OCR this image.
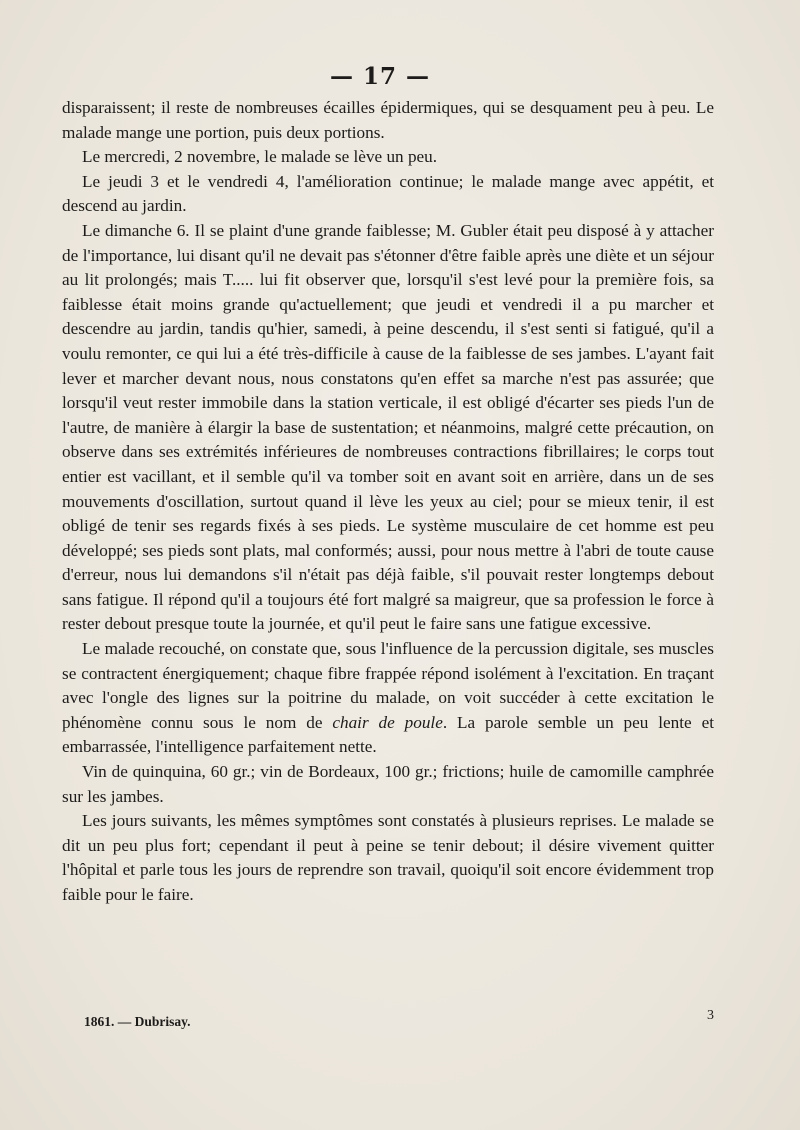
— 17 —

disparaissent; il reste de nombreuses écailles épidermiques, qui se desquament peu à peu. Le malade mange une portion, puis deux portions.

Le mercredi, 2 novembre, le malade se lève un peu.

Le jeudi 3 et le vendredi 4, l'amélioration continue; le malade mange avec appétit, et descend au jardin.

Le dimanche 6. Il se plaint d'une grande faiblesse; M. Gubler était peu disposé à y attacher de l'importance, lui disant qu'il ne devait pas s'étonner d'être faible après une diète et un séjour au lit prolongés; mais T..... lui fit observer que, lorsqu'il s'est levé pour la première fois, sa faiblesse était moins grande qu'actuellement; que jeudi et vendredi il a pu marcher et descendre au jardin, tandis qu'hier, samedi, à peine descendu, il s'est senti si fatigué, qu'il a voulu remonter, ce qui lui a été très-difficile à cause de la faiblesse de ses jambes. L'ayant fait lever et marcher devant nous, nous constatons qu'en effet sa marche n'est pas assurée; que lorsqu'il veut rester immobile dans la station verticale, il est obligé d'écarter ses pieds l'un de l'autre, de manière à élargir la base de sustentation; et néanmoins, malgré cette précaution, on observe dans ses extrémités inférieures de nombreuses contractions fibrillaires; le corps tout entier est vacillant, et il semble qu'il va tomber soit en avant soit en arrière, dans un de ses mouvements d'oscillation, surtout quand il lève les yeux au ciel; pour se mieux tenir, il est obligé de tenir ses regards fixés à ses pieds. Le système musculaire de cet homme est peu développé; ses pieds sont plats, mal conformés; aussi, pour nous mettre à l'abri de toute cause d'erreur, nous lui demandons s'il n'était pas déjà faible, s'il pouvait rester longtemps debout sans fatigue. Il répond qu'il a toujours été fort malgré sa maigreur, que sa profession le force à rester debout presque toute la journée, et qu'il peut le faire sans une fatigue excessive.

Le malade recouché, on constate que, sous l'influence de la percussion digitale, ses muscles se contractent énergiquement; chaque fibre frappée répond isolément à l'excitation. En traçant avec l'ongle des lignes sur la poitrine du malade, on voit succéder à cette excitation le phénomène connu sous le nom de chair de poule. La parole semble un peu lente et embarrassée, l'intelligence parfaitement nette.

Vin de quinquina, 60 gr.; vin de Bordeaux, 100 gr.; frictions; huile de camomille camphrée sur les jambes.

Les jours suivants, les mêmes symptômes sont constatés à plusieurs reprises. Le malade se dit un peu plus fort; cependant il peut à peine se tenir debout; il désire vivement quitter l'hôpital et parle tous les jours de reprendre son travail, quoiqu'il soit encore évidemment trop faible pour le faire.

1861. — Dubrisay.	3
